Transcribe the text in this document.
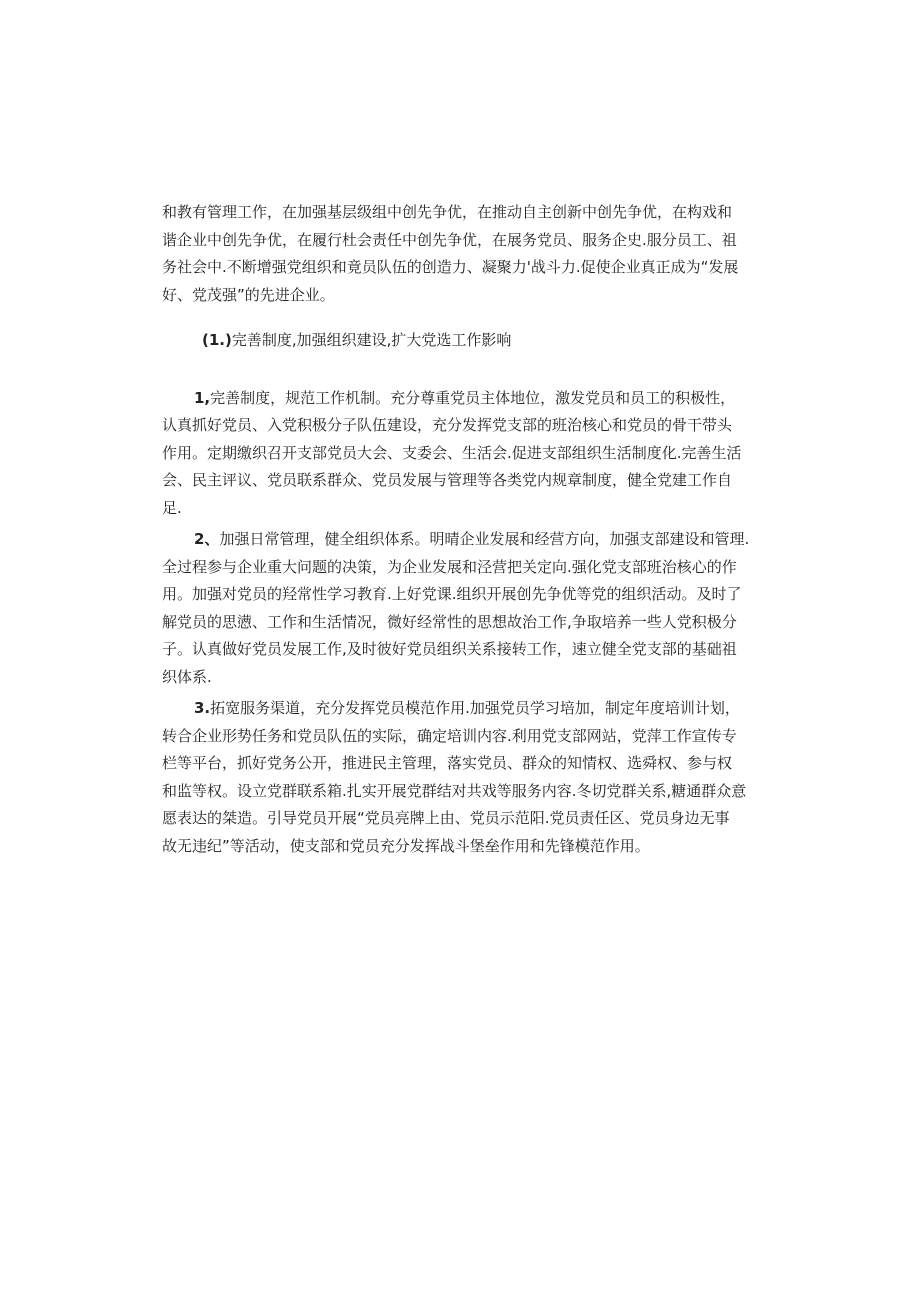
和教有管理工作，在加强基层级组中创先争优，在推动自主创新中创先争优，在构戏和
谐企业中创先争优，在履行杜会责任中创先争优，在展务党员、服务企史.服分员工、祖
务社会中.不断增强党组织和竟员队伍的创造力、凝聚力'战斗力.促使企业真正成为“发展
好、党茂强”的先进企业。
(1.)完善制度,加强组织建设,扩大党选工作影响
1,完善制度，规范工作机制。充分尊重党员主体地位，激发党员和员工的积极性，
认真抓好党员、入党积极分子队伍建设，充分发挥党支部的班治核心和党员的骨干带头
作用。定期缴织召开支部党员大会、支委会、生活会.促进支部组织生活制度化.完善生活
会、民主评议、党员联系群众、党员发展与管理等各类党内规章制度，健全党建工作自
足.
2、加强日常管理，健全组织体系。明晴企业发展和经营方向，加强支部建设和管理.
全过程参与企业重大问题的决策，为企业发展和泾营把关定向.强化党支部班治核心的作
用。加强对党员的羟常性学习教育.上好党课.组织开展创先争优等党的组织活动。及时了
解党员的思懑、工作和生活情况，微好经常性的思想故治工作,争取培养一些人党积极分
子。认真做好党员发展工作,及时彼好党员组织关系接转工作，速立健全党支部的基础祖
织体系.
3.拓宽服务渠道，充分发挥党员模范作用.加强党员学习培加，制定年度培训计划，
转合企业形势任务和党员队伍的实际，确定培训内容.利用党支部网站，党萍工作宣传专
栏等平台，抓好党务公开，推进民主管理，落实党员、群众的知情权、选舜权、参与权
和监等权。设立党群联系箱.扎实开展党群结对共戏等服务内容.冬切党群关系,糖通群众意
愿表达的桀造。引导党员开展“党员亮牌上由、党员示范阳.党员责任区、党员身边无事
故无违纪”等活动，使支部和党员充分发挥战斗堡垒作用和先锋模范作用。
